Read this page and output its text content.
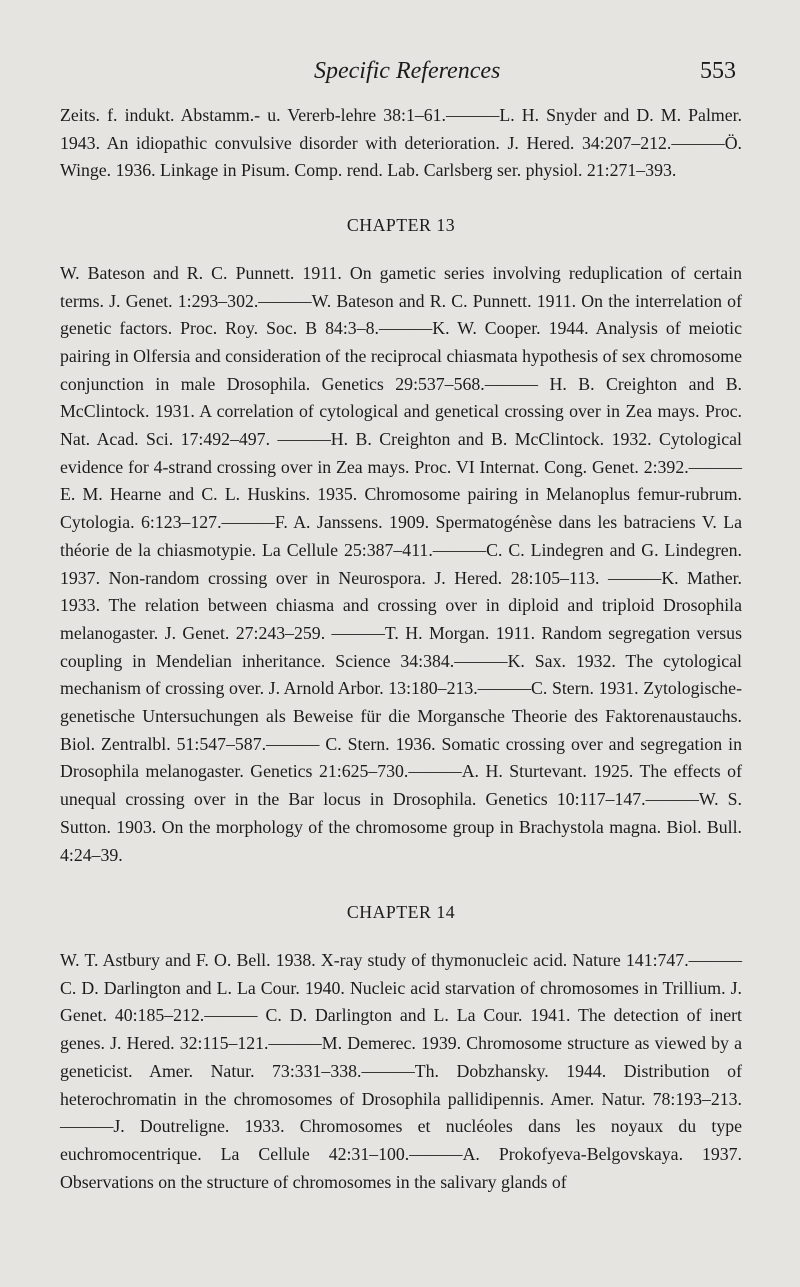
Specific References	553

Zeits. f. indukt. Abstamm.- u. Vererb-lehre 38:1–61.———L. H. Snyder and D. M. Palmer. 1943. An idiopathic convulsive disorder with deterioration. J. Hered. 34:207–212.———Ö. Winge. 1936. Linkage in Pisum. Comp. rend. Lab. Carlsberg ser. physiol. 21:271–393.

CHAPTER 13

W. Bateson and R. C. Punnett. 1911. On gametic series involving reduplication of certain terms. J. Genet. 1:293–302.———W. Bateson and R. C. Punnett. 1911. On the interrelation of genetic factors. Proc. Roy. Soc. B 84:3–8.———K. W. Cooper. 1944. Analysis of meiotic pairing in Olfersia and consideration of the reciprocal chiasmata hypothesis of sex chromosome conjunction in male Drosophila. Genetics 29:537–568.——— H. B. Creighton and B. McClintock. 1931. A correlation of cytological and genetical crossing over in Zea mays. Proc. Nat. Acad. Sci. 17:492–497. ———H. B. Creighton and B. McClintock. 1932. Cytological evidence for 4-strand crossing over in Zea mays. Proc. VI Internat. Cong. Genet. 2:392.———E. M. Hearne and C. L. Huskins. 1935. Chromosome pairing in Melanoplus femur-rubrum. Cytologia. 6:123–127.———F. A. Janssens. 1909. Spermatogénèse dans les batraciens V. La théorie de la chiasmotypie. La Cellule 25:387–411.———C. C. Lindegren and G. Lindegren. 1937. Non-random crossing over in Neurospora. J. Hered. 28:105–113. ———K. Mather. 1933. The relation between chiasma and crossing over in diploid and triploid Drosophila melanogaster. J. Genet. 27:243–259. ———T. H. Morgan. 1911. Random segregation versus coupling in Mendelian inheritance. Science 34:384.———K. Sax. 1932. The cytological mechanism of crossing over. J. Arnold Arbor. 13:180–213.———C. Stern. 1931. Zytologische-genetische Untersuchungen als Beweise für die Morgansche Theorie des Faktorenaustauchs. Biol. Zentralbl. 51:547–587.——— C. Stern. 1936. Somatic crossing over and segregation in Drosophila melanogaster. Genetics 21:625–730.———A. H. Sturtevant. 1925. The effects of unequal crossing over in the Bar locus in Drosophila. Genetics 10:117–147.———W. S. Sutton. 1903. On the morphology of the chromosome group in Brachystola magna. Biol. Bull. 4:24–39.

CHAPTER 14

W. T. Astbury and F. O. Bell. 1938. X-ray study of thymonucleic acid. Nature 141:747.———C. D. Darlington and L. La Cour. 1940. Nucleic acid starvation of chromosomes in Trillium. J. Genet. 40:185–212.——— C. D. Darlington and L. La Cour. 1941. The detection of inert genes. J. Hered. 32:115–121.———M. Demerec. 1939. Chromosome structure as viewed by a geneticist. Amer. Natur. 73:331–338.———Th. Dobzhansky. 1944. Distribution of heterochromatin in the chromosomes of Drosophila pallidipennis. Amer. Natur. 78:193–213.———J. Doutreligne. 1933. Chromosomes et nucléoles dans les noyaux du type euchromocentrique. La Cellule 42:31–100.———A. Prokofyeva-Belgovskaya. 1937. Observations on the structure of chromosomes in the salivary glands of
